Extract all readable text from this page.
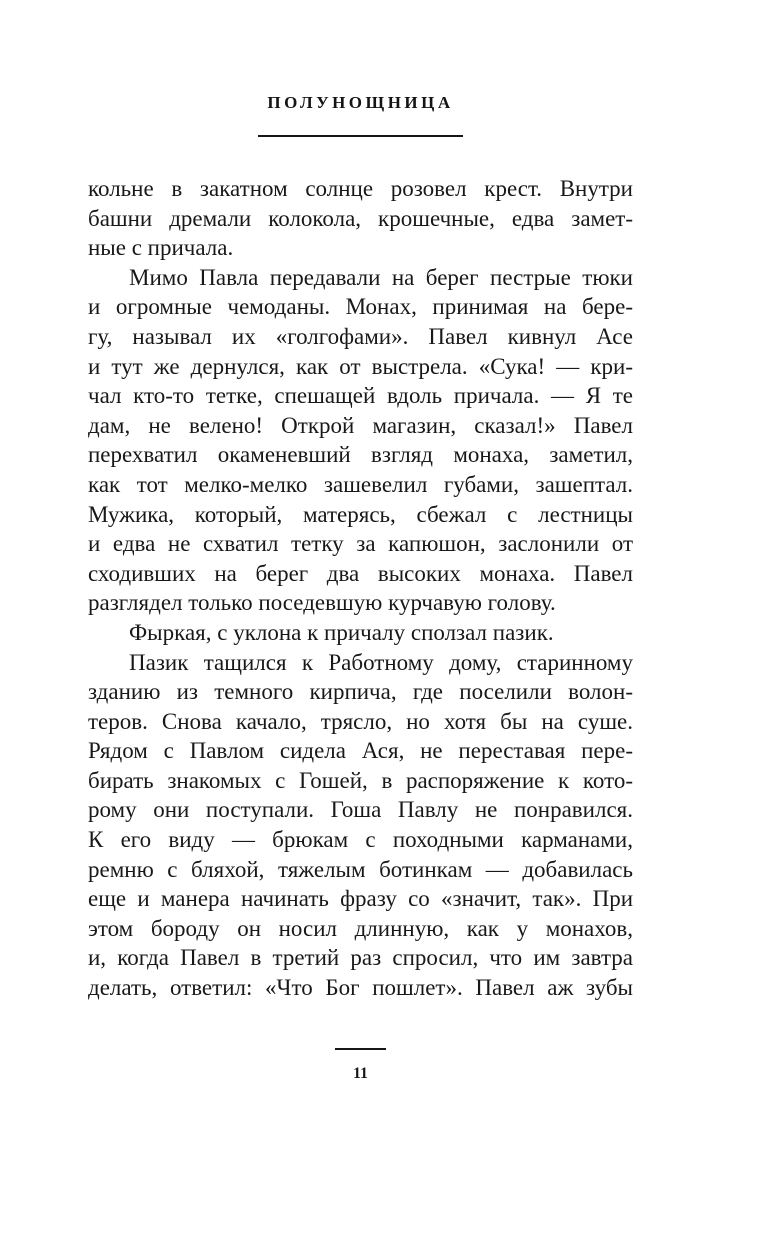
ПОЛУНОЩНИЦА
кольне в закатном солнце розовел крест. Внутри
башни дремали колокола, крошечные, едва замет-
ные с причала.
Мимо Павла передавали на берег пестрые тюки
и огромные чемоданы. Монах, принимая на бере-
гу, называл их «голгофами». Павел кивнул Асе
и тут же дернулся, как от выстрела. «Сука! — кри-
чал кто-то тетке, спешащей вдоль причала. — Я те
дам, не велено! Открой магазин, сказал!» Павел
перехватил окаменевший взгляд монаха, заметил,
как тот мелко-мелко зашевелил губами, зашептал.
Мужика, который, матерясь, сбежал с лестницы
и едва не схватил тетку за капюшон, заслонили от
сходивших на берег два высоких монаха. Павел
разглядел только поседевшую курчавую голову.
Фыркая, с уклона к причалу сползал пазик.
Пазик тащился к Работному дому, старинному
зданию из темного кирпича, где поселили волон-
теров. Снова качало, трясло, но хотя бы на суше.
Рядом с Павлом сидела Ася, не переставая пере-
бирать знакомых с Гошей, в распоряжение к кото-
рому они поступали. Гоша Павлу не понравился.
К его виду — брюкам с походными карманами,
ремню с бляхой, тяжелым ботинкам — добавилась
еще и манера начинать фразу со «значит, так». При
этом бороду он носил длинную, как у монахов,
и, когда Павел в третий раз спросил, что им завтра
делать, ответил: «Что Бог пошлет». Павел аж зубы
11
